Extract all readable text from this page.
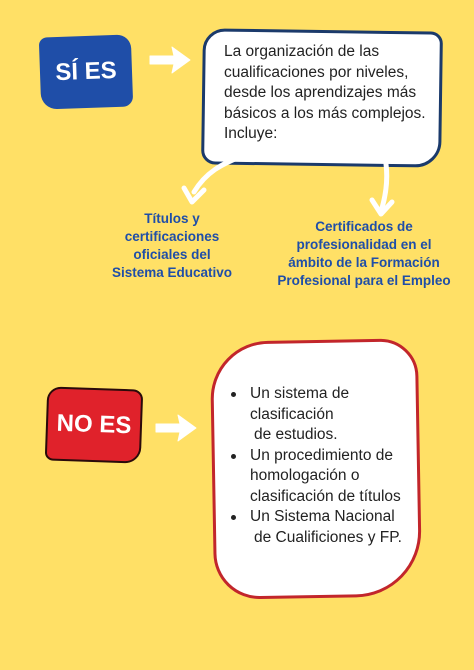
SÍ ES
La organización de las
cualificaciones por niveles,
desde los aprendizajes más
básicos a los más complejos.
Incluye:
Títulos y
certificaciones
oficiales del
Sistema Educativo
Certificados de
profesionalidad en el
ámbito de la Formación
Profesional para el Empleo
NO ES
Un sistema de
clasificación

de estudios.
Un procedimiento de
homologación o
clasificación de títulos
Un Sistema Nacional

de Cualificiones y FP.
